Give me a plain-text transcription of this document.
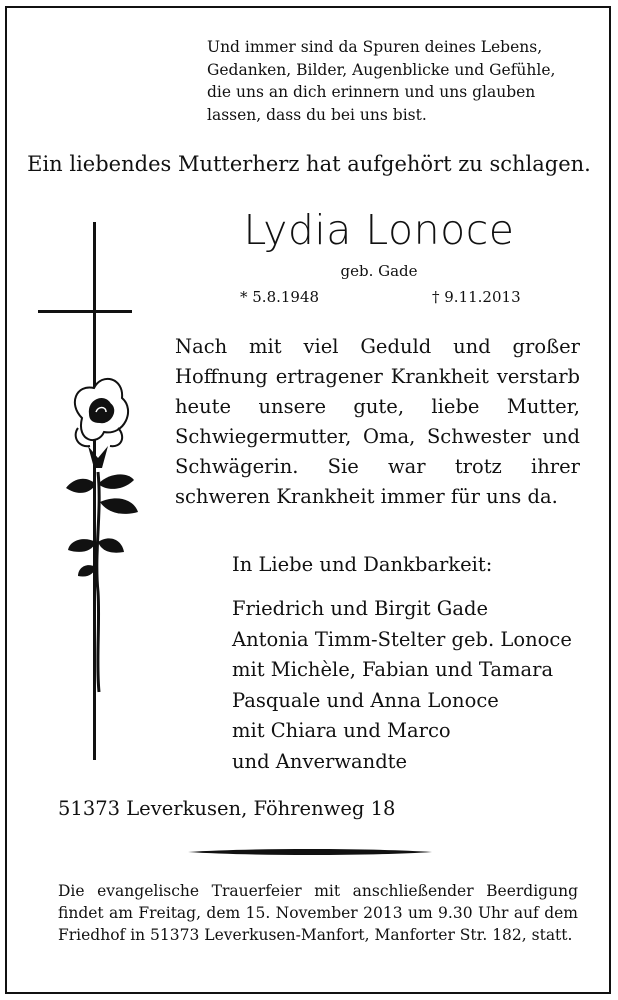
Und immer sind da Spuren deines Lebens,
Gedanken, Bilder, Augenblicke und Gefühle,
die uns an dich erinnern und uns glauben
lassen, dass du bei uns bist.

Ein liebendes Mutterherz hat aufgehört zu schlagen.

Lydia Lonoce

geb. Gade

* 5.8.1948	† 9.11.2013

Nach mit viel Geduld und großer Hoffnung ertragener Krankheit verstarb heute unsere gute, liebe Mutter, Schwiegermutter, Oma, Schwester und Schwägerin. Sie war trotz ihrer schweren Krankheit immer für uns da.

In Liebe und Dankbarkeit:

Friedrich und Birgit Gade
Antonia Timm-Stelter geb. Lonoce
mit Michèle, Fabian und Tamara
Pasquale und Anna Lonoce
mit Chiara und Marco
und Anverwandte

51373 Leverkusen, Föhrenweg 18

Die evangelische Trauerfeier mit anschließender Beerdigung findet am Freitag, dem 15. November 2013 um 9.30 Uhr auf dem Friedhof in 51373 Leverkusen-Manfort, Manforter Str. 182, statt.
